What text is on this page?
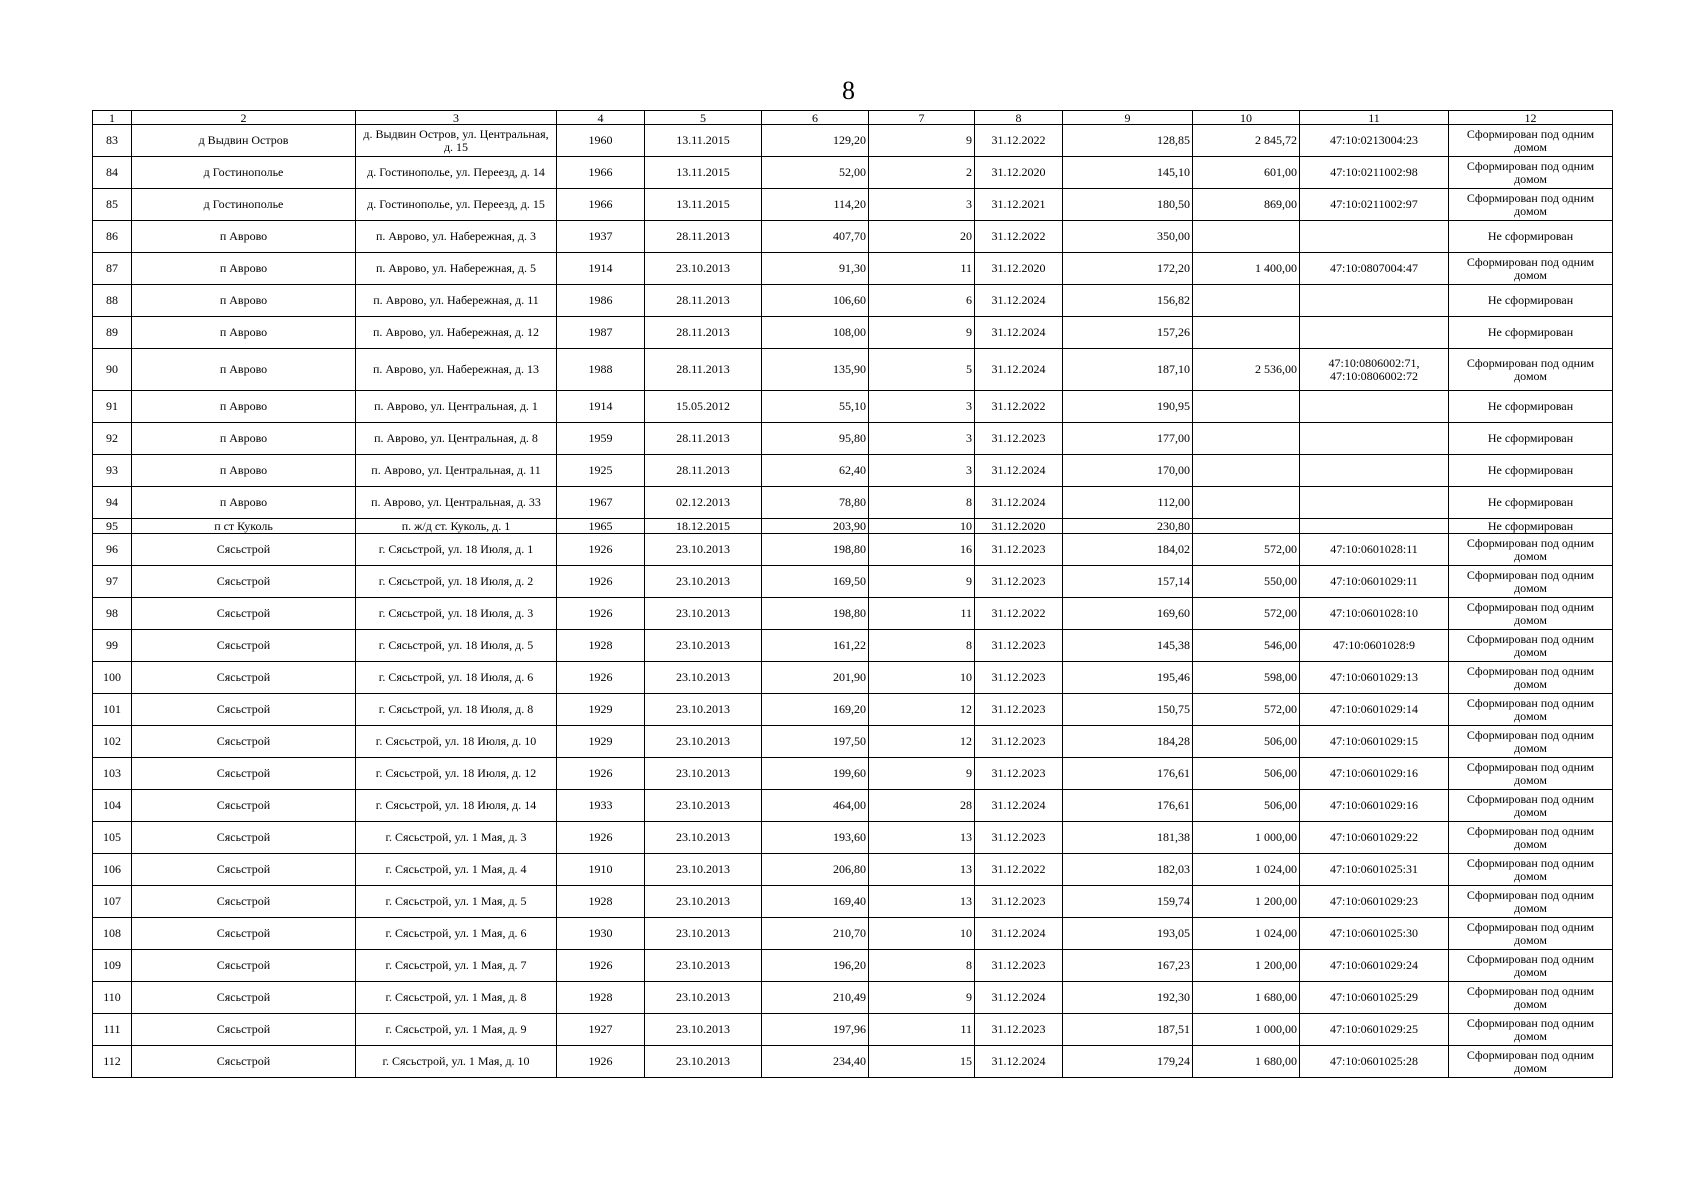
8
1	2	3	4	5	6	7	8	9	10	11	12
83	д Выдвин Остров	д. Выдвин Остров, ул. Центральная, д. 15	1960	13.11.2015	129,20	9	31.12.2022	128,85	2 845,72	47:10:0213004:23	Сформирован под одним домом
84	д Гостинополье	д. Гостинополье, ул. Переезд, д. 14	1966	13.11.2015	52,00	2	31.12.2020	145,10	601,00	47:10:0211002:98	Сформирован под одним домом
85	д Гостинополье	д. Гостинополье, ул. Переезд, д. 15	1966	13.11.2015	114,20	3	31.12.2021	180,50	869,00	47:10:0211002:97	Сформирован под одним домом
86	п Аврово	п. Аврово, ул. Набережная, д. 3	1937	28.11.2013	407,70	20	31.12.2022	350,00			Не сформирован
87	п Аврово	п. Аврово, ул. Набережная, д. 5	1914	23.10.2013	91,30	11	31.12.2020	172,20	1 400,00	47:10:0807004:47	Сформирован под одним домом
88	п Аврово	п. Аврово, ул. Набережная, д. 11	1986	28.11.2013	106,60	6	31.12.2024	156,82			Не сформирован
89	п Аврово	п. Аврово, ул. Набережная, д. 12	1987	28.11.2013	108,00	9	31.12.2024	157,26			Не сформирован
90	п Аврово	п. Аврово, ул. Набережная, д. 13	1988	28.11.2013	135,90	5	31.12.2024	187,10	2 536,00	47:10:0806002:71, 47:10:0806002:72	Сформирован под одним домом
91	п Аврово	п. Аврово, ул. Центральная, д. 1	1914	15.05.2012	55,10	3	31.12.2022	190,95			Не сформирован
92	п Аврово	п. Аврово, ул. Центральная, д. 8	1959	28.11.2013	95,80	3	31.12.2023	177,00			Не сформирован
93	п Аврово	п. Аврово, ул. Центральная, д. 11	1925	28.11.2013	62,40	3	31.12.2024	170,00			Не сформирован
94	п Аврово	п. Аврово, ул. Центральная, д. 33	1967	02.12.2013	78,80	8	31.12.2024	112,00			Не сформирован
95	п ст Куколь	п. ж/д ст. Куколь, д. 1	1965	18.12.2015	203,90	10	31.12.2020	230,80			Не сформирован
96	Сясьстрой	г. Сясьстрой, ул. 18 Июля, д. 1	1926	23.10.2013	198,80	16	31.12.2023	184,02	572,00	47:10:0601028:11	Сформирован под одним домом
97	Сясьстрой	г. Сясьстрой, ул. 18 Июля, д. 2	1926	23.10.2013	169,50	9	31.12.2023	157,14	550,00	47:10:0601029:11	Сформирован под одним домом
98	Сясьстрой	г. Сясьстрой, ул. 18 Июля, д. 3	1926	23.10.2013	198,80	11	31.12.2022	169,60	572,00	47:10:0601028:10	Сформирован под одним домом
99	Сясьстрой	г. Сясьстрой, ул. 18 Июля, д. 5	1928	23.10.2013	161,22	8	31.12.2023	145,38	546,00	47:10:0601028:9	Сформирован под одним домом
100	Сясьстрой	г. Сясьстрой, ул. 18 Июля, д. 6	1926	23.10.2013	201,90	10	31.12.2023	195,46	598,00	47:10:0601029:13	Сформирован под одним домом
101	Сясьстрой	г. Сясьстрой, ул. 18 Июля, д. 8	1929	23.10.2013	169,20	12	31.12.2023	150,75	572,00	47:10:0601029:14	Сформирован под одним домом
102	Сясьстрой	г. Сясьстрой, ул. 18 Июля, д. 10	1929	23.10.2013	197,50	12	31.12.2023	184,28	506,00	47:10:0601029:15	Сформирован под одним домом
103	Сясьстрой	г. Сясьстрой, ул. 18 Июля, д. 12	1926	23.10.2013	199,60	9	31.12.2023	176,61	506,00	47:10:0601029:16	Сформирован под одним домом
104	Сясьстрой	г. Сясьстрой, ул. 18 Июля, д. 14	1933	23.10.2013	464,00	28	31.12.2024	176,61	506,00	47:10:0601029:16	Сформирован под одним домом
105	Сясьстрой	г. Сясьстрой, ул. 1 Мая, д. 3	1926	23.10.2013	193,60	13	31.12.2023	181,38	1 000,00	47:10:0601029:22	Сформирован под одним домом
106	Сясьстрой	г. Сясьстрой, ул. 1 Мая, д. 4	1910	23.10.2013	206,80	13	31.12.2022	182,03	1 024,00	47:10:0601025:31	Сформирован под одним домом
107	Сясьстрой	г. Сясьстрой, ул. 1 Мая, д. 5	1928	23.10.2013	169,40	13	31.12.2023	159,74	1 200,00	47:10:0601029:23	Сформирован под одним домом
108	Сясьстрой	г. Сясьстрой, ул. 1 Мая, д. 6	1930	23.10.2013	210,70	10	31.12.2024	193,05	1 024,00	47:10:0601025:30	Сформирован под одним домом
109	Сясьстрой	г. Сясьстрой, ул. 1 Мая, д. 7	1926	23.10.2013	196,20	8	31.12.2023	167,23	1 200,00	47:10:0601029:24	Сформирован под одним домом
110	Сясьстрой	г. Сясьстрой, ул. 1 Мая, д. 8	1928	23.10.2013	210,49	9	31.12.2024	192,30	1 680,00	47:10:0601025:29	Сформирован под одним домом
111	Сясьстрой	г. Сясьстрой, ул. 1 Мая, д. 9	1927	23.10.2013	197,96	11	31.12.2023	187,51	1 000,00	47:10:0601029:25	Сформирован под одним домом
112	Сясьстрой	г. Сясьстрой, ул. 1 Мая, д. 10	1926	23.10.2013	234,40	15	31.12.2024	179,24	1 680,00	47:10:0601025:28	Сформирован под одним домом
